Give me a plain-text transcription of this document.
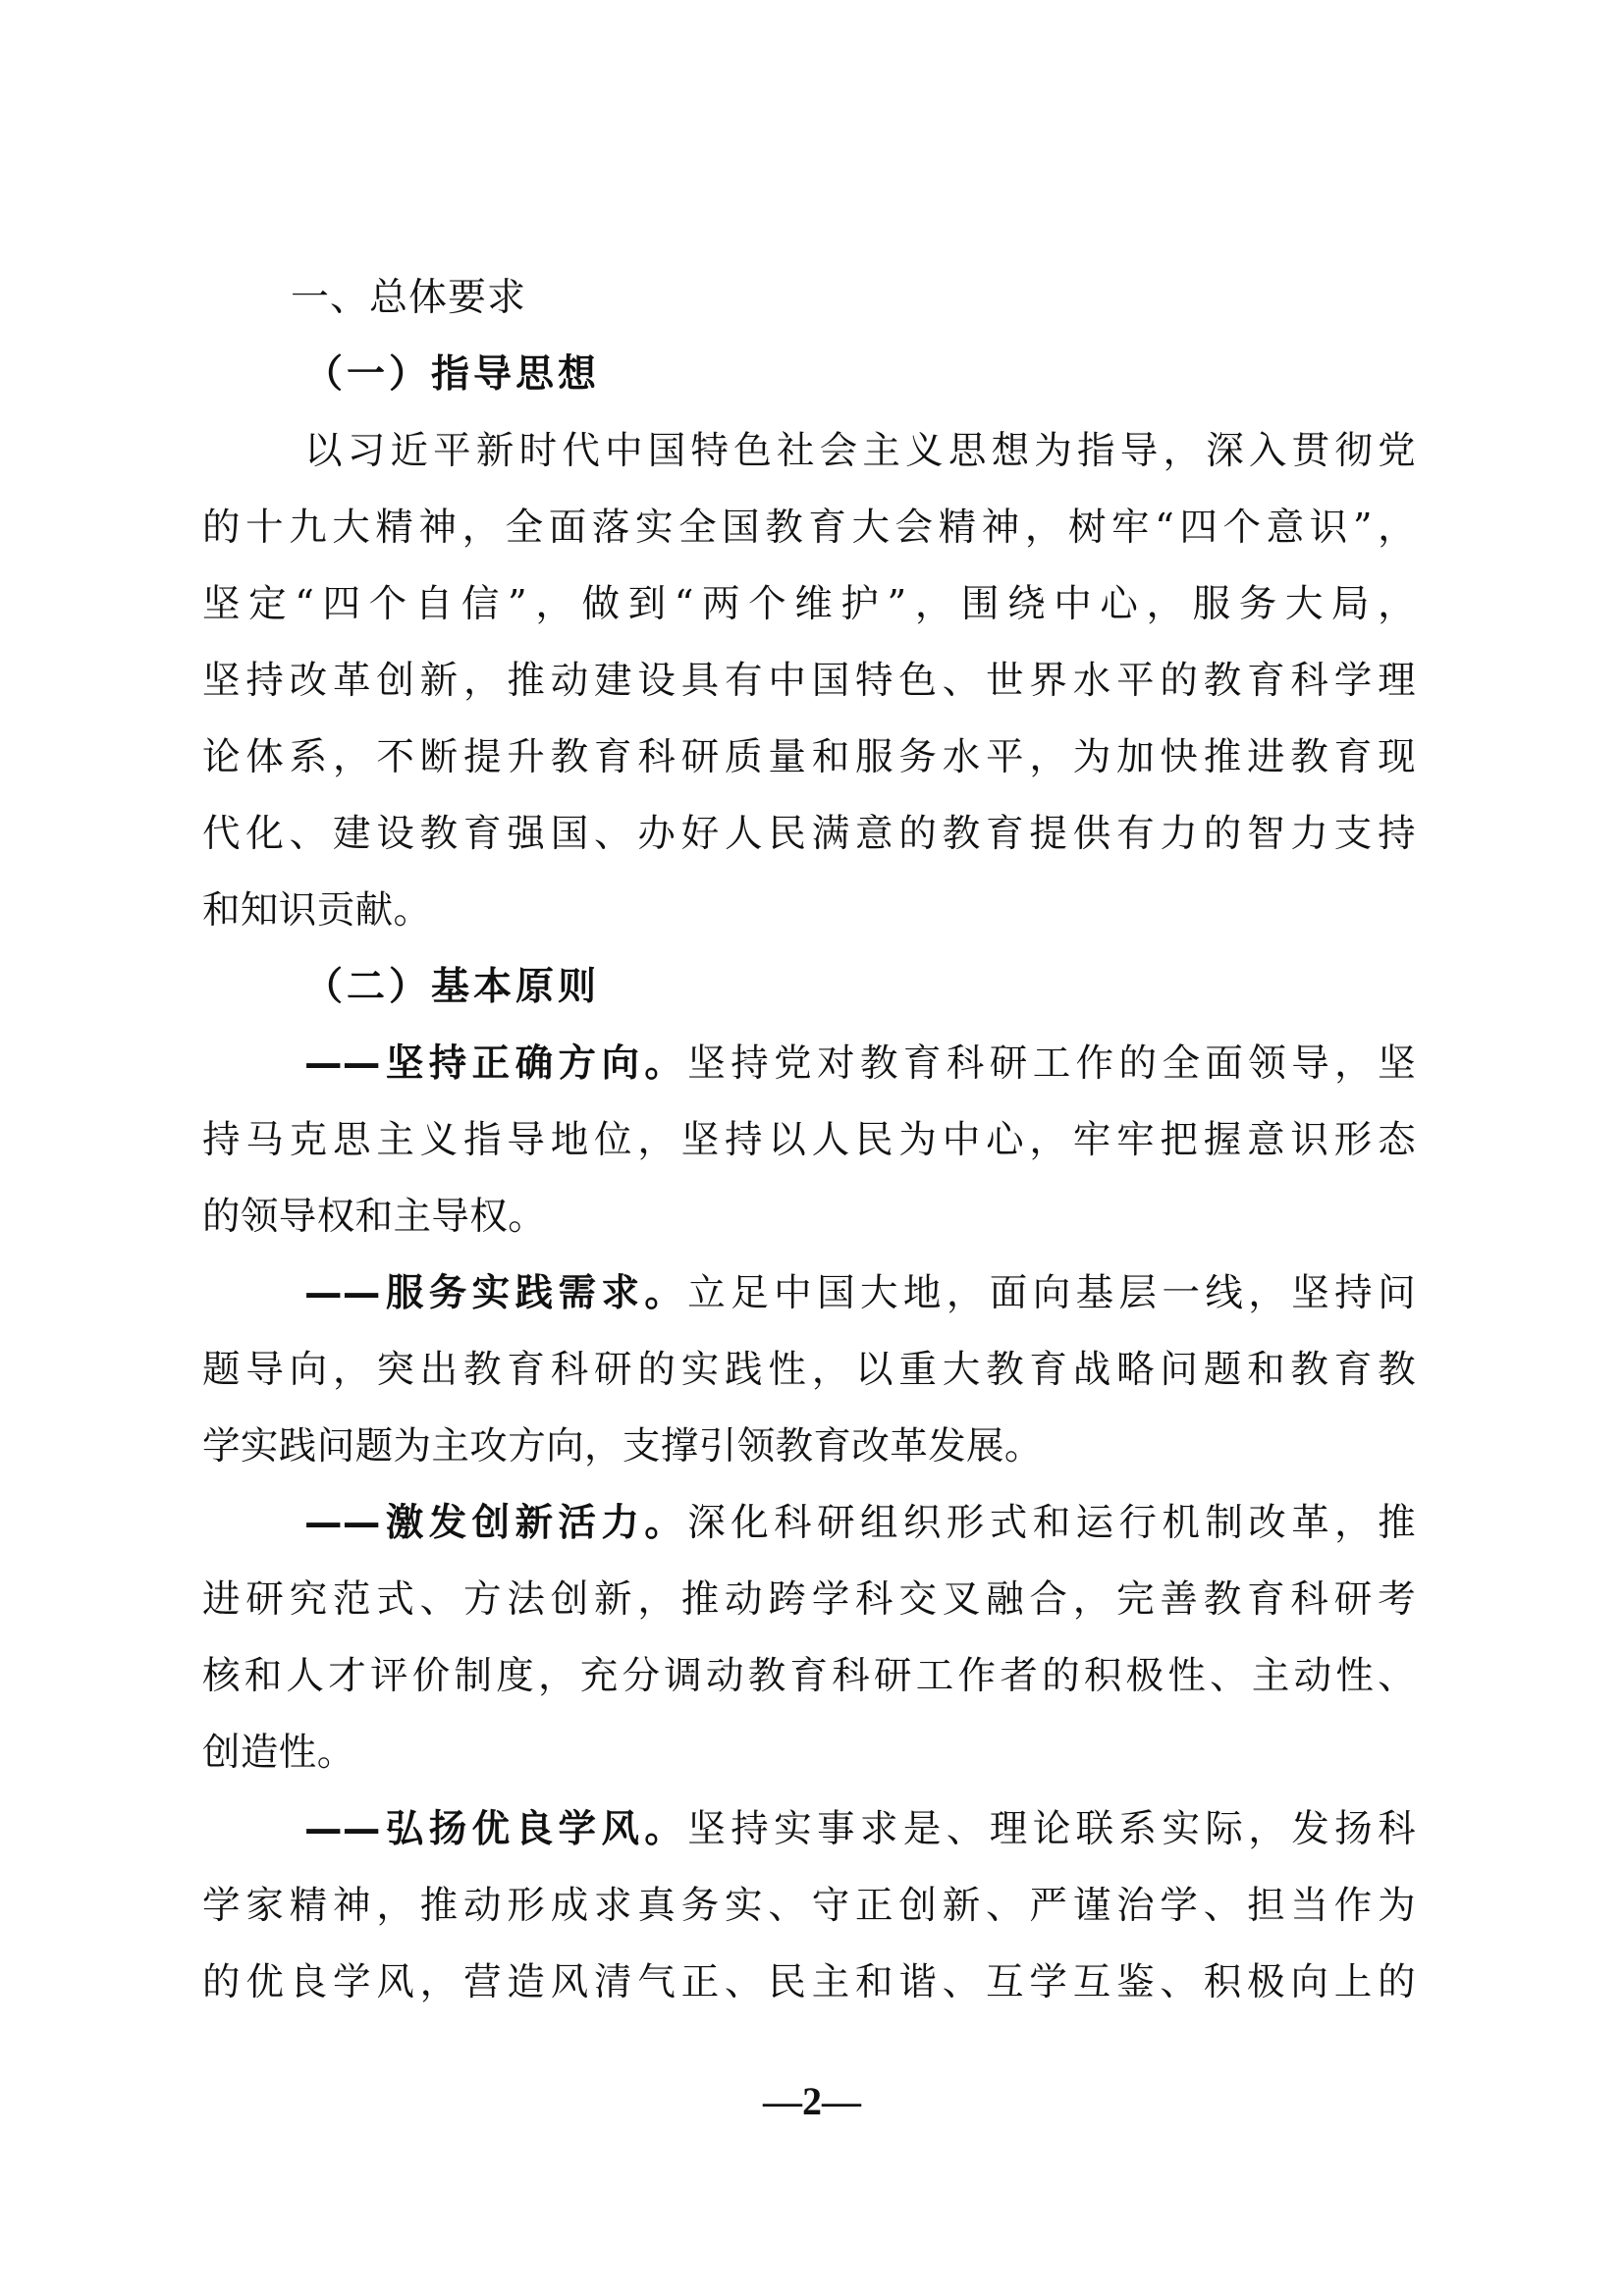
一、总体要求
（一）指导思想
以习近平新时代中国特色社会主义思想为指导，深入贯彻党
的十九大精神，全面落实全国教育大会精神，树牢“四个意识”，
坚定“四个自信”，做到“两个维护”，围绕中心，服务大局，
坚持改革创新，推动建设具有中国特色、世界水平的教育科学理
论体系，不断提升教育科研质量和服务水平，为加快推进教育现
代化、建设教育强国、办好人民满意的教育提供有力的智力支持
和知识贡献。
（二）基本原则
——坚持正确方向。坚持党对教育科研工作的全面领导，坚
持马克思主义指导地位，坚持以人民为中心，牢牢把握意识形态
的领导权和主导权。
——服务实践需求。立足中国大地，面向基层一线，坚持问
题导向，突出教育科研的实践性，以重大教育战略问题和教育教
学实践问题为主攻方向，支撑引领教育改革发展。
——激发创新活力。深化科研组织形式和运行机制改革，推
进研究范式、方法创新，推动跨学科交叉融合，完善教育科研考
核和人才评价制度，充分调动教育科研工作者的积极性、主动性、
创造性。
——弘扬优良学风。坚持实事求是、理论联系实际，发扬科
学家精神，推动形成求真务实、守正创新、严谨治学、担当作为
的优良学风，营造风清气正、民主和谐、互学互鉴、积极向上的
—2—
